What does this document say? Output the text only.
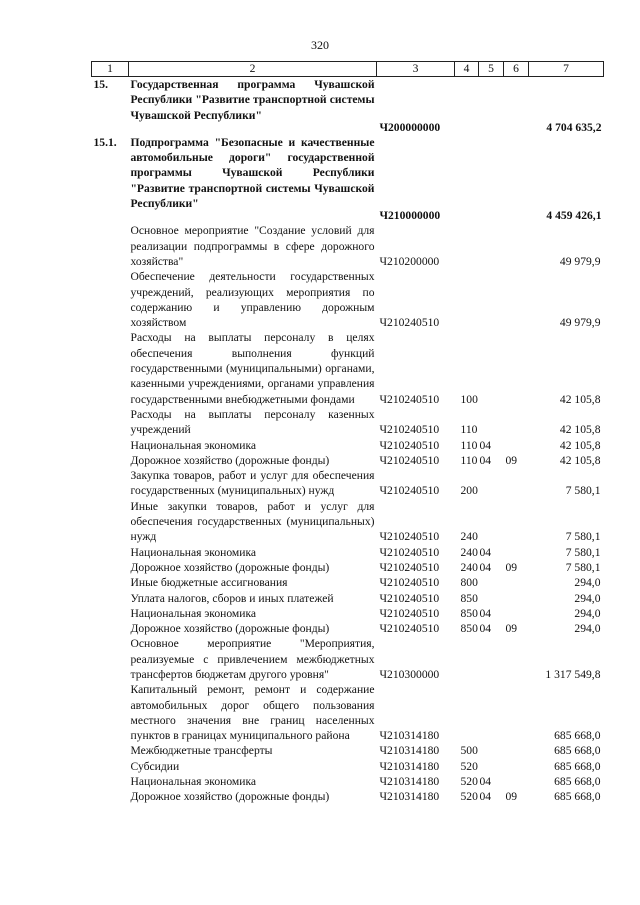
320
1	2	3	4	5	6	7
15.	Государственная программа Чувашской Республики "Развитие транспортной системы Чувашской Республики"	Ч200000000				4 704 635,2
15.1.	Подпрограмма "Безопасные и качественные автомобильные дороги" государственной программы Чувашской Республики "Развитие транспортной системы Чувашской Республики"	Ч210000000				4 459 426,1
	Основное мероприятие "Создание условий для реализации подпрограммы в сфере дорожного хозяйства"	Ч210200000				49 979,9
	Обеспечение деятельности государственных учреждений, реализующих мероприятия по содержанию и управлению дорожным хозяйством	Ч210240510				49 979,9
	Расходы на выплаты персоналу в целях обеспечения выполнения функций государственными (муниципальными) органами, казенными учреждениями, органами управления государственными внебюджетными фондами	Ч210240510	100			42 105,8
	Расходы на выплаты персоналу казенных учреждений	Ч210240510	110			42 105,8
	Национальная экономика	Ч210240510	110	04		42 105,8
	Дорожное хозяйство (дорожные фонды)	Ч210240510	110	04	09	42 105,8
	Закупка товаров, работ и услуг для обеспечения государственных (муниципальных) нужд	Ч210240510	200			7 580,1
	Иные закупки товаров, работ и услуг для обеспечения государственных (муниципальных) нужд	Ч210240510	240			7 580,1
	Национальная экономика	Ч210240510	240	04		7 580,1
	Дорожное хозяйство (дорожные фонды)	Ч210240510	240	04	09	7 580,1
	Иные бюджетные ассигнования	Ч210240510	800			294,0
	Уплата налогов, сборов и иных платежей	Ч210240510	850			294,0
	Национальная экономика	Ч210240510	850	04		294,0
	Дорожное хозяйство (дорожные фонды)	Ч210240510	850	04	09	294,0
	Основное мероприятие "Мероприятия, реализуемые с привлечением межбюджетных трансфертов бюджетам другого уровня"	Ч210300000				1 317 549,8
	Капитальный ремонт, ремонт и содержание автомобильных дорог общего пользования местного значения вне границ населенных пунктов в границах муниципального района	Ч210314180				685 668,0
	Межбюджетные трансферты	Ч210314180	500			685 668,0
	Субсидии	Ч210314180	520			685 668,0
	Национальная экономика	Ч210314180	520	04		685 668,0
	Дорожное хозяйство (дорожные фонды)	Ч210314180	520	04	09	685 668,0
